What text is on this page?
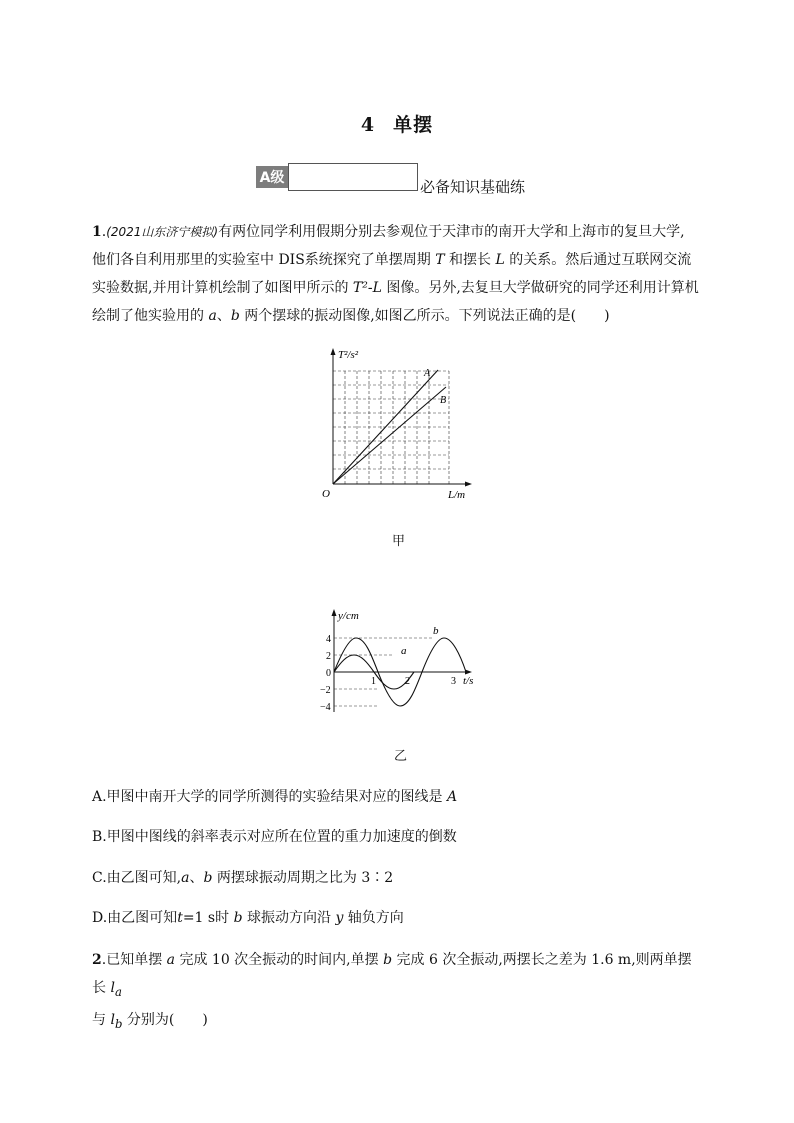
4 单摆
A级	必备知识基础练
1.(2021山东济宁模拟)有两位同学利用假期分别去参观位于天津市的南开大学和上海市的复旦大学,
他们各自利用那里的实验室中 DIS系统探究了单摆周期 T 和摆长 L 的关系。然后通过互联网交流
实验数据,并用计算机绘制了如图甲所示的 T²-L 图像。另外,去复旦大学做研究的同学还利用计算机
绘制了他实验用的 a、b 两个摆球的振动图像,如图乙所示。下列说法正确的是(　　)
T²/s²
L/m
O
A
B
甲
y/cm
t/s
4
2
0
−2
−4
1	2	3
a
b
乙
A.甲图中南开大学的同学所测得的实验结果对应的图线是 A
B.甲图中图线的斜率表示对应所在位置的重力加速度的倒数
C.由乙图可知,a、b 两摆球振动周期之比为 3∶2
D.由乙图可知t=1 s时 b 球振动方向沿 y 轴负方向
2.已知单摆 a 完成 10 次全振动的时间内,单摆 b 完成 6 次全振动,两摆长之差为 1.6 m,则两单摆长 $l_a$
与 $l_b$ 分别为(　　)
